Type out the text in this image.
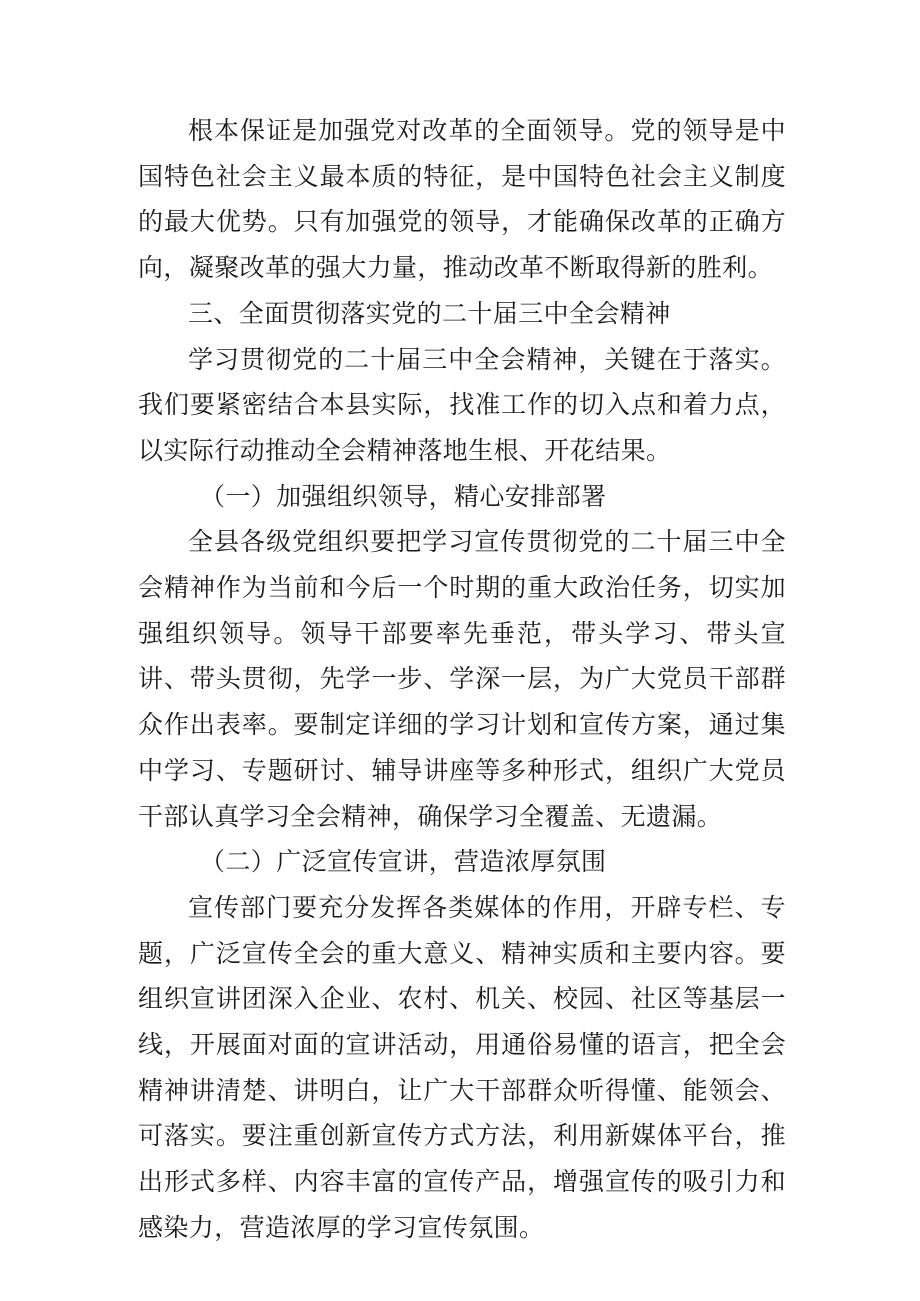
根本保证是加强党对改革的全面领导。党的领导是中国特色社会主义最本质的特征，是中国特色社会主义制度的最大优势。只有加强党的领导，才能确保改革的正确方向，凝聚改革的强大力量，推动改革不断取得新的胜利。

三、全面贯彻落实党的二十届三中全会精神

学习贯彻党的二十届三中全会精神，关键在于落实。我们要紧密结合本县实际，找准工作的切入点和着力点，以实际行动推动全会精神落地生根、开花结果。

（一）加强组织领导，精心安排部署

全县各级党组织要把学习宣传贯彻党的二十届三中全会精神作为当前和今后一个时期的重大政治任务，切实加强组织领导。领导干部要率先垂范，带头学习、带头宣讲、带头贯彻，先学一步、学深一层，为广大党员干部群众作出表率。要制定详细的学习计划和宣传方案，通过集中学习、专题研讨、辅导讲座等多种形式，组织广大党员干部认真学习全会精神，确保学习全覆盖、无遗漏。

（二）广泛宣传宣讲，营造浓厚氛围

宣传部门要充分发挥各类媒体的作用，开辟专栏、专题，广泛宣传全会的重大意义、精神实质和主要内容。要组织宣讲团深入企业、农村、机关、校园、社区等基层一线，开展面对面的宣讲活动，用通俗易懂的语言，把全会精神讲清楚、讲明白，让广大干部群众听得懂、能领会、可落实。要注重创新宣传方式方法，利用新媒体平台，推出形式多样、内容丰富的宣传产品，增强宣传的吸引力和感染力，营造浓厚的学习宣传氛围。
